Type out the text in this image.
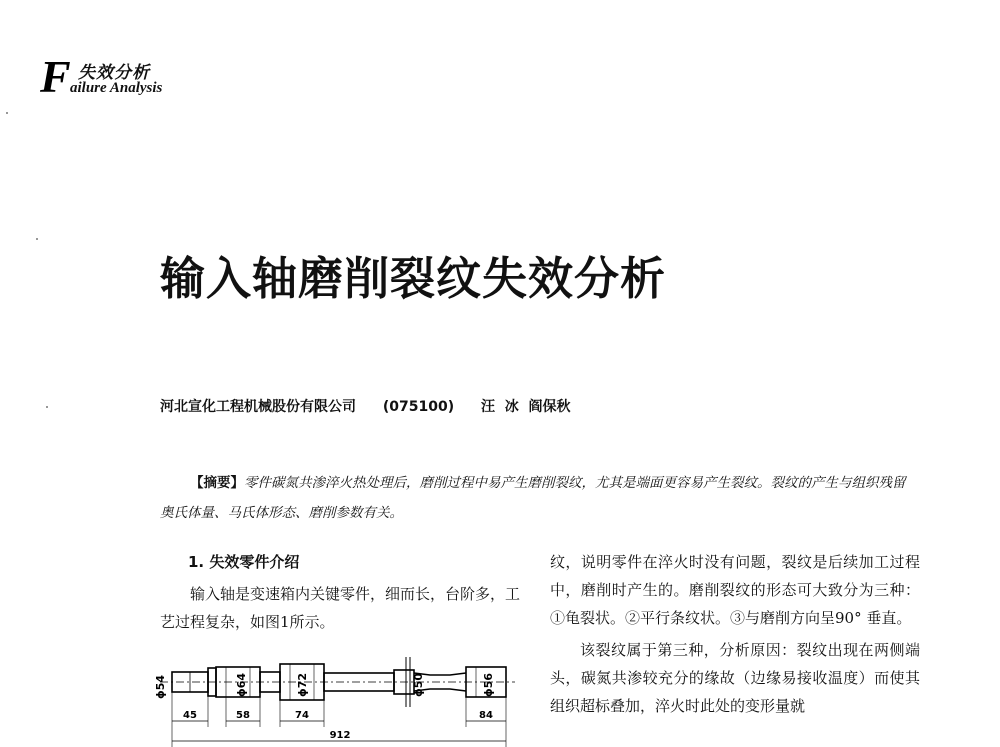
F 失效分析
ailure Analysis
输入轴磨削裂纹失效分析
河北宣化工程机械股份有限公司 (075100) 汪  冰  阎保秋
【摘要】零件碳氮共渗淬火热处理后，磨削过程中易产生磨削裂纹，尤其是端面更容易产生裂纹。裂纹的产生与组织残留奥氏体量、马氏体形态、磨削参数有关。

1. 失效零件介绍

输入轴是变速箱内关键零件，细而长，台阶多，工艺过程复杂，如图1所示。

纹，说明零件在淬火时没有问题，裂纹是后续加工过程中，磨削时产生的。磨削裂纹的形态可大致分为三种：①龟裂状。②平行条纹状。③与磨削方向呈90° 垂直。

该裂纹属于第三种，分析原因：裂纹出现在两侧端头，碳氮共渗较充分的缘故（边缘易接收温度）而使其组织超标叠加，淬火时此处的变形量就

ϕ54	ϕ64	ϕ72	ϕ50	ϕ56
45	58	74	84
912
